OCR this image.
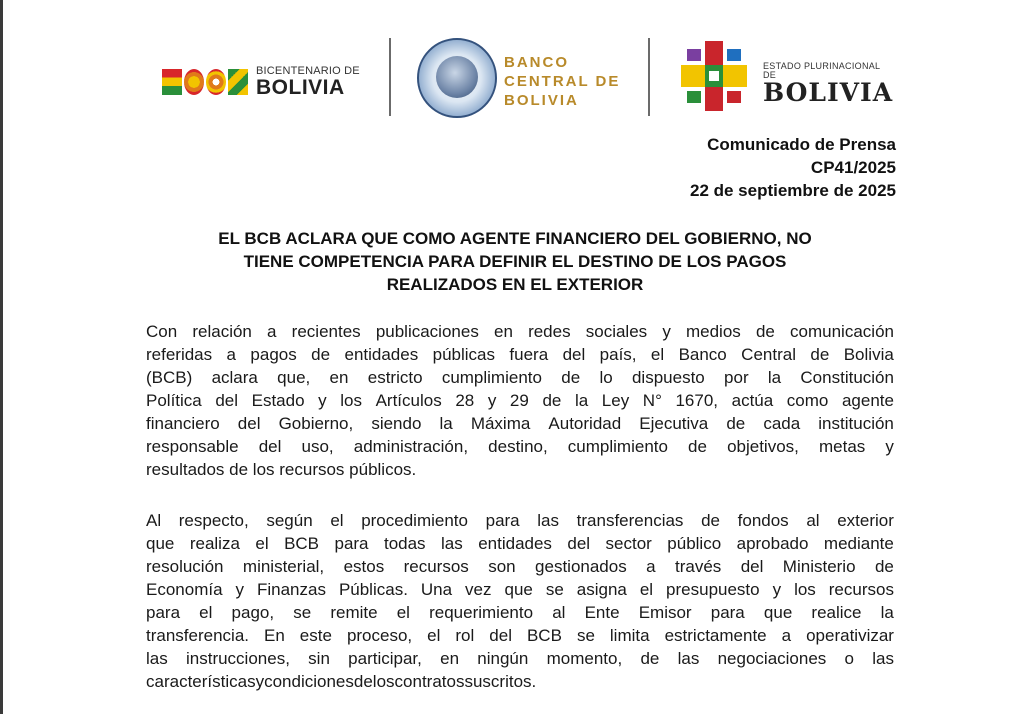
BICENTENARIO DE
BOLIVIA
BANCO
CENTRAL DE
BOLIVIA
ESTADO PLURINACIONAL DE
BOLIVIA
Comunicado de Prensa
CP41/2025
22 de septiembre de 2025
EL BCB ACLARA QUE COMO AGENTE FINANCIERO DEL GOBIERNO, NO
TIENE COMPETENCIA PARA DEFINIR EL DESTINO DE LOS PAGOS
REALIZADOS EN EL EXTERIOR
Con relación a recientes publicaciones en redes sociales y medios de comunicación
referidas a pagos de entidades públicas fuera del país, el Banco Central de Bolivia
(BCB) aclara que, en estricto cumplimiento de lo dispuesto por la Constitución
Política del Estado y los Artículos 28 y 29 de la Ley N° 1670, actúa como agente
financiero del Gobierno, siendo la Máxima Autoridad Ejecutiva de cada institución
responsable del uso, administración, destino, cumplimiento de objetivos, metas y
resultados de los recursos públicos.
Al respecto, según el procedimiento para las transferencias de fondos al exterior
que realiza el BCB para todas las entidades del sector público aprobado mediante
resolución ministerial, estos recursos son gestionados a través del Ministerio de
Economía y Finanzas Públicas. Una vez que se asigna el presupuesto y los recursos
para el pago, se remite el requerimiento al Ente Emisor para que realice la
transferencia. En este proceso, el rol del BCB se limita estrictamente a operativizar
las instrucciones, sin participar, en ningún momento, de las negociaciones o las
características y condiciones de los contratos suscritos.
